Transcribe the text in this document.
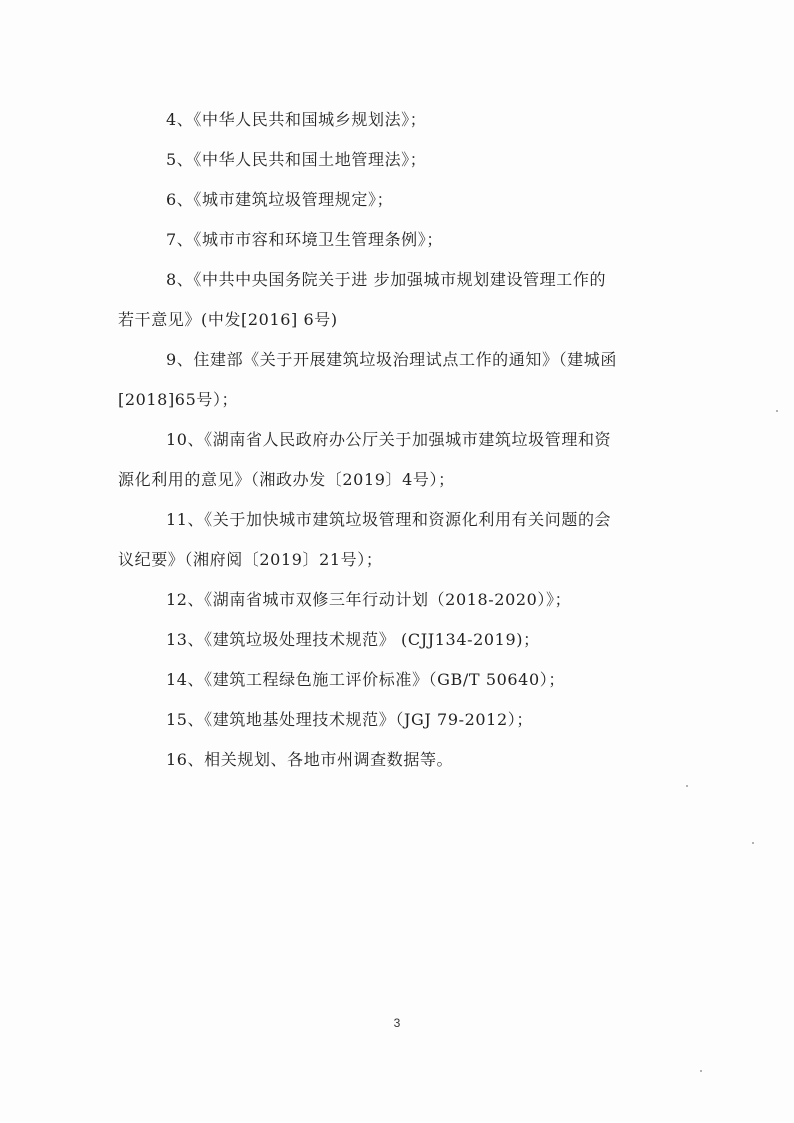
4、《中华人民共和国城乡规划法》；
5、《中华人民共和国土地管理法》；
6、《城市建筑垃圾管理规定》；
7、《城市市容和环境卫生管理条例》；
8、《中共中央国务院关于进 步加强城市规划建设管理工作的
若干意见》(中发[2016] 6号)
9、住建部《关于开展建筑垃圾治理试点工作的通知》（建城函
[2018]65号）；
10、《湖南省人民政府办公厅关于加强城市建筑垃圾管理和资
源化利用的意见》（湘政办发〔2019〕4号）；
11、《关于加快城市建筑垃圾管理和资源化利用有关问题的会
议纪要》（湘府阅〔2019〕21号）；
12、《湖南省城市双修三年行动计划（2018-2020）》；
13、《建筑垃圾处理技术规范》 (CJJ134-2019)；
14、《建筑工程绿色施工评价标准》（GB/T 50640）；
15、《建筑地基处理技术规范》（JGJ 79-2012）；
16、相关规划、各地市州调查数据等。
3
